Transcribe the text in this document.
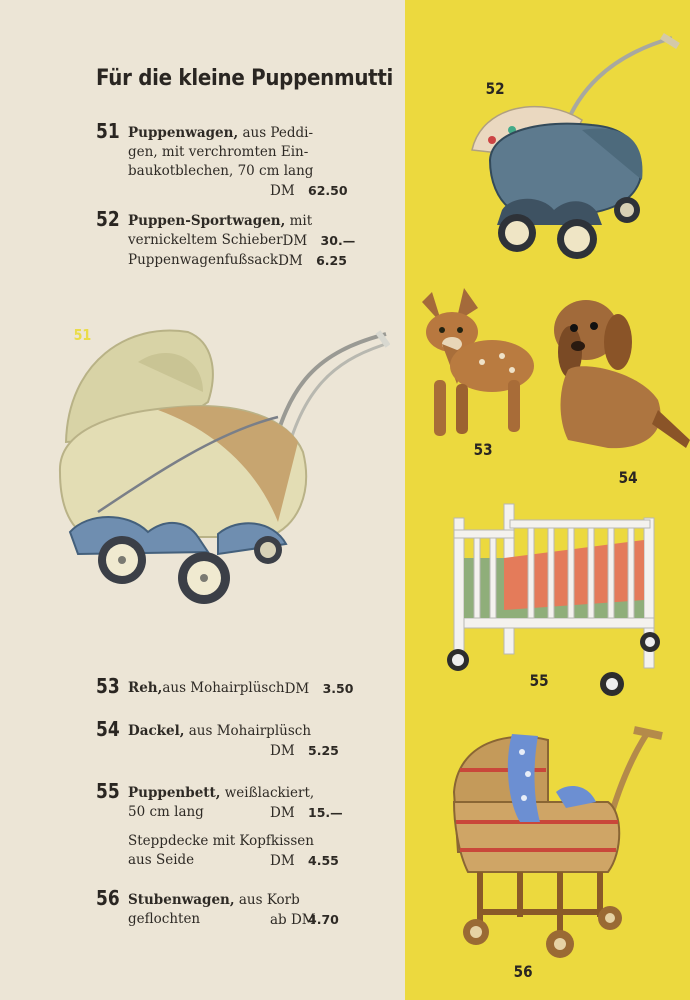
Für die kleine Puppenmutti
51 Puppenwagen, aus Peddi-
gen, mit verchromten Ein-
baukotblechen, 70 cm lang
DM 62.50
52 Puppen-Sportwagen, mit
vernickeltem Schieber DM 30.—
Puppenwagenfußsack DM 6.25
53 Reh,aus Mohairplüsch DM 3.50
54 Dackel, aus Mohairplüsch
DM 5.25
55 Puppenbett, weißlackiert,
50 cm lang	DM 15.—
Steppdecke mit Kopfkissen
aus Seide	DM 4.55
56 Stubenwagen, aus Korb
geflochten	ab DM4.70
51
52
53
54
55
56
